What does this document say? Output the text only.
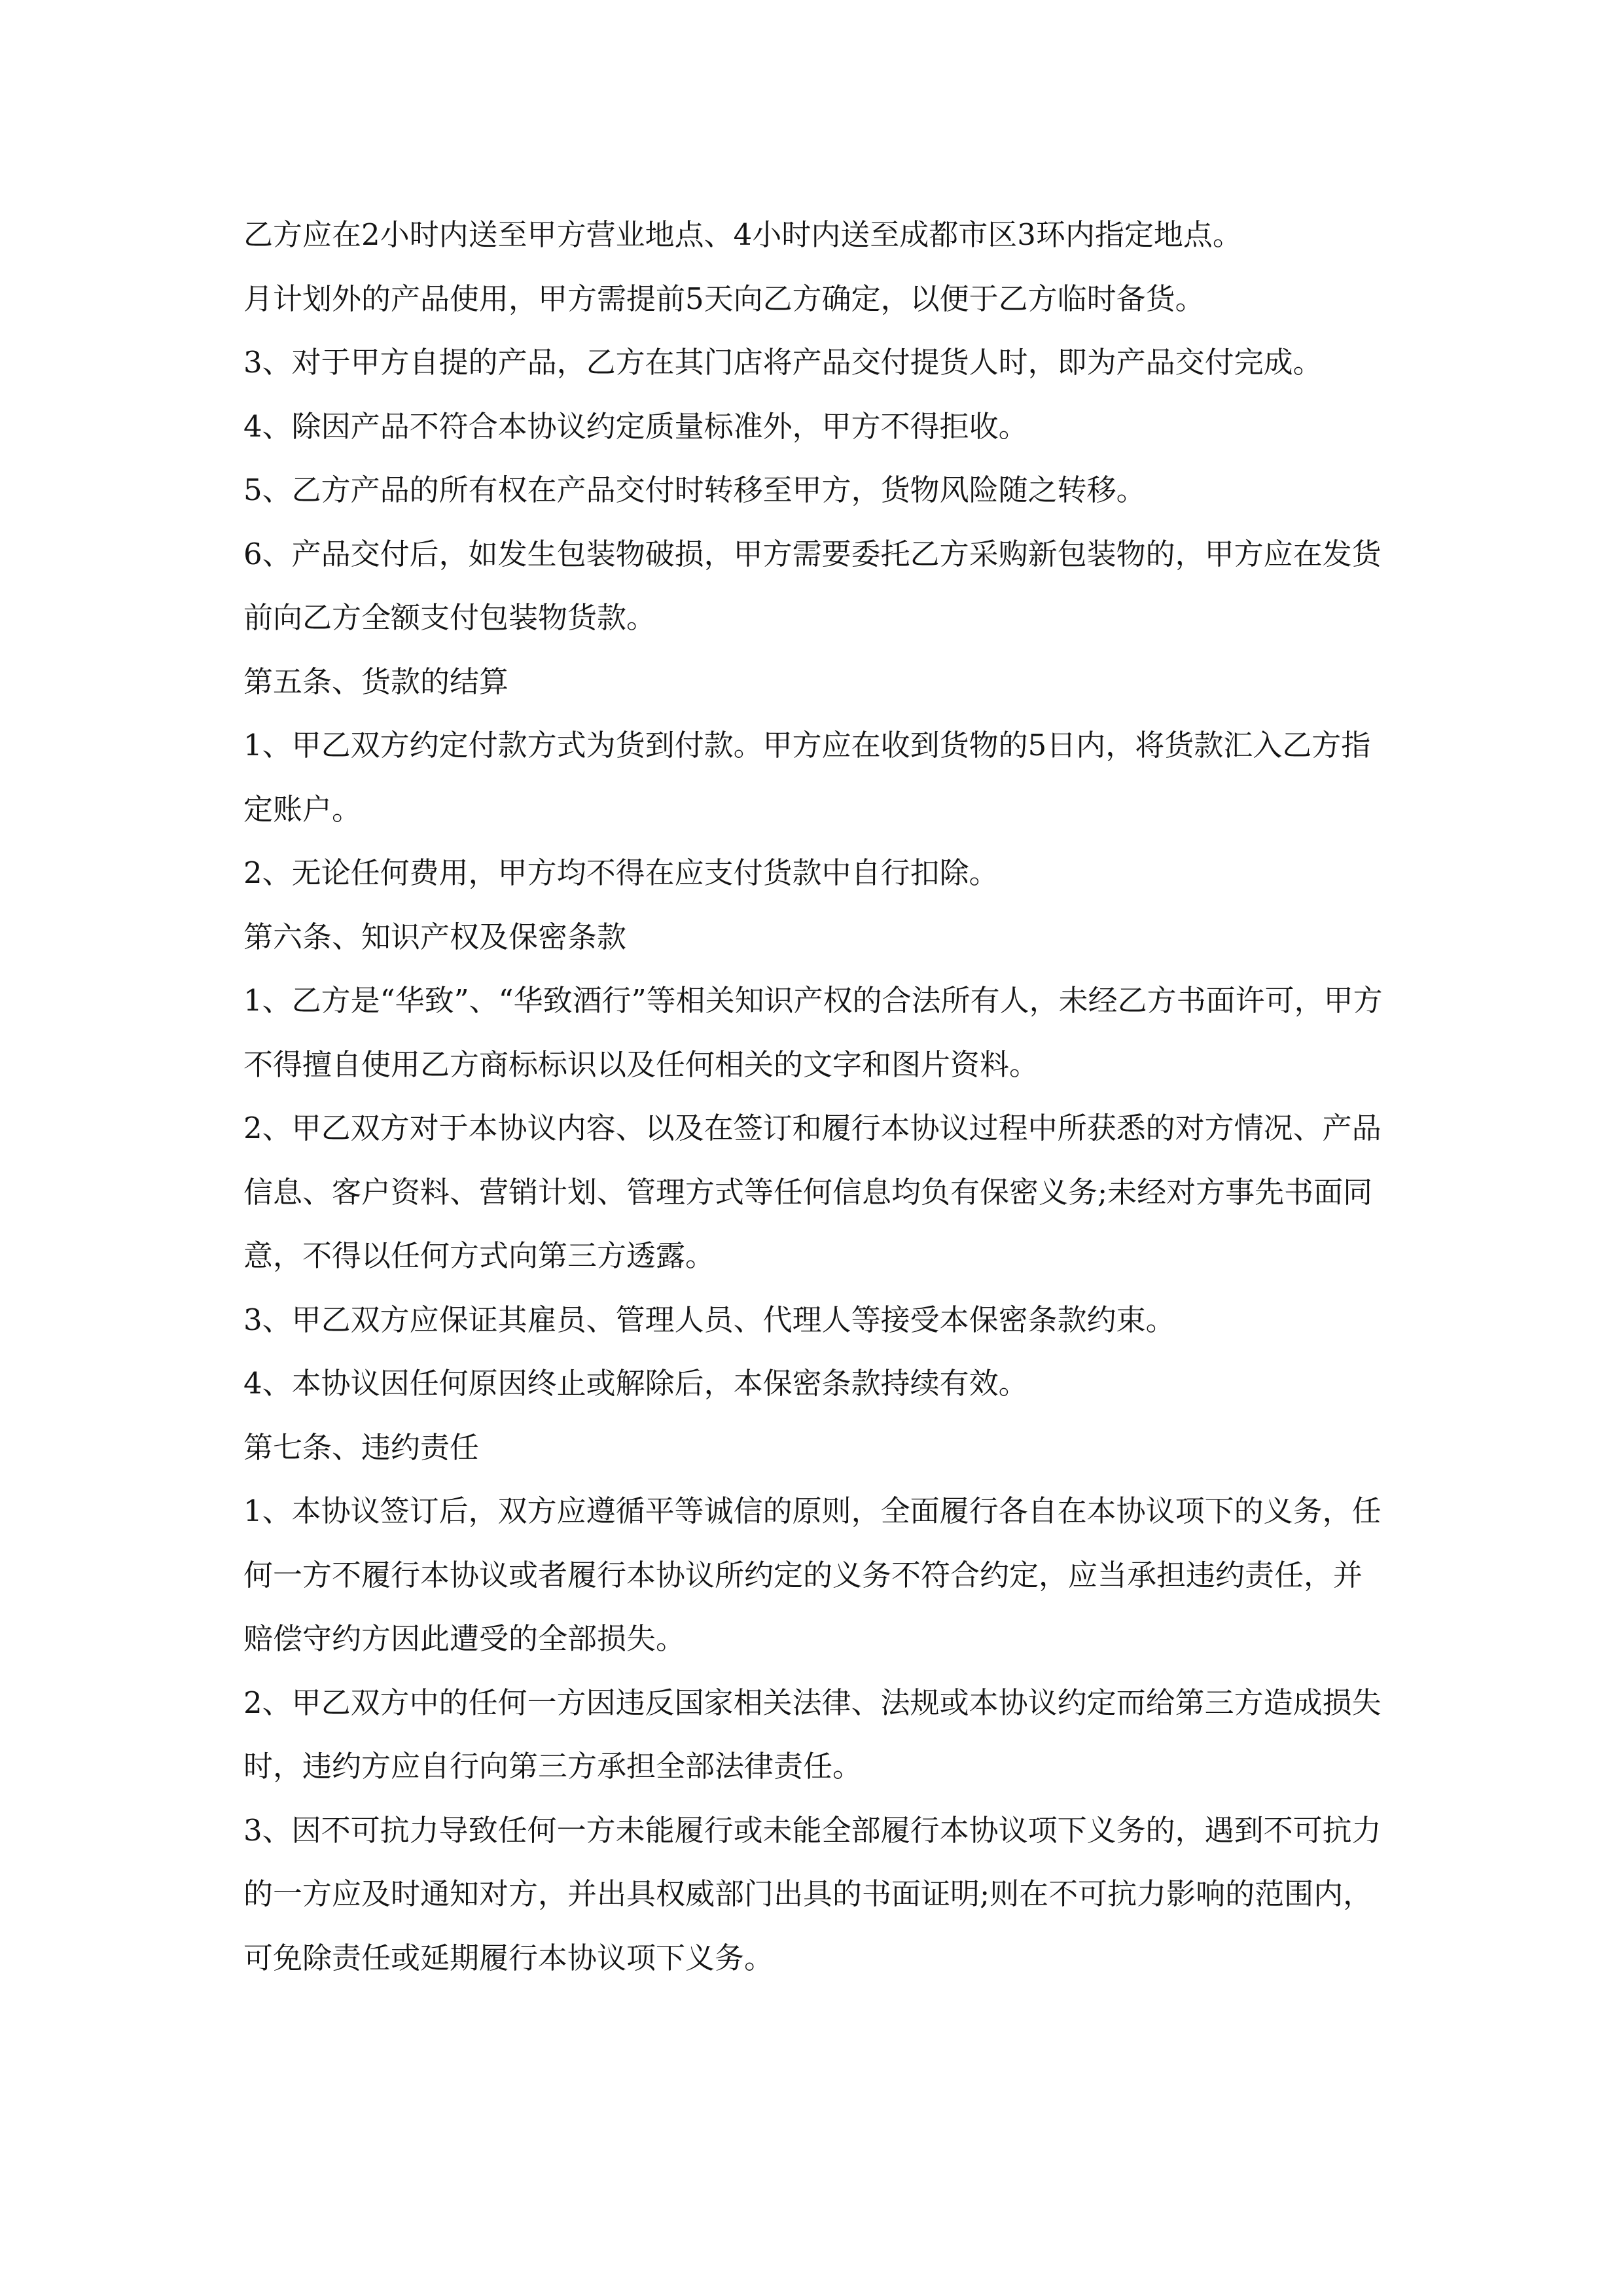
乙方应在2小时内送至甲方营业地点、4小时内送至成都市区3环内指定地点。

月计划外的产品使用，甲方需提前5天向乙方确定，以便于乙方临时备货。

3、对于甲方自提的产品，乙方在其门店将产品交付提货人时，即为产品交付完成。

4、除因产品不符合本协议约定质量标准外，甲方不得拒收。

5、乙方产品的所有权在产品交付时转移至甲方，货物风险随之转移。

6、产品交付后，如发生包装物破损，甲方需要委托乙方采购新包装物的，甲方应在发货前向乙方全额支付包装物货款。

第五条、货款的结算

1、甲乙双方约定付款方式为货到付款。甲方应在收到货物的5日内，将货款汇入乙方指定账户。

2、无论任何费用，甲方均不得在应支付货款中自行扣除。

第六条、知识产权及保密条款

1、乙方是“华致”、“华致酒行”等相关知识产权的合法所有人，未经乙方书面许可，甲方不得擅自使用乙方商标标识以及任何相关的文字和图片资料。

2、甲乙双方对于本协议内容、以及在签订和履行本协议过程中所获悉的对方情况、产品信息、客户资料、营销计划、管理方式等任何信息均负有保密义务;未经对方事先书面同意，不得以任何方式向第三方透露。

3、甲乙双方应保证其雇员、管理人员、代理人等接受本保密条款约束。

4、本协议因任何原因终止或解除后，本保密条款持续有效。

第七条、违约责任

1、本协议签订后，双方应遵循平等诚信的原则，全面履行各自在本协议项下的义务，任何一方不履行本协议或者履行本协议所约定的义务不符合约定，应当承担违约责任，并赔偿守约方因此遭受的全部损失。

2、甲乙双方中的任何一方因违反国家相关法律、法规或本协议约定而给第三方造成损失时，违约方应自行向第三方承担全部法律责任。

3、因不可抗力导致任何一方未能履行或未能全部履行本协议项下义务的，遇到不可抗力的一方应及时通知对方，并出具权威部门出具的书面证明;则在不可抗力影响的范围内，可免除责任或延期履行本协议项下义务。
